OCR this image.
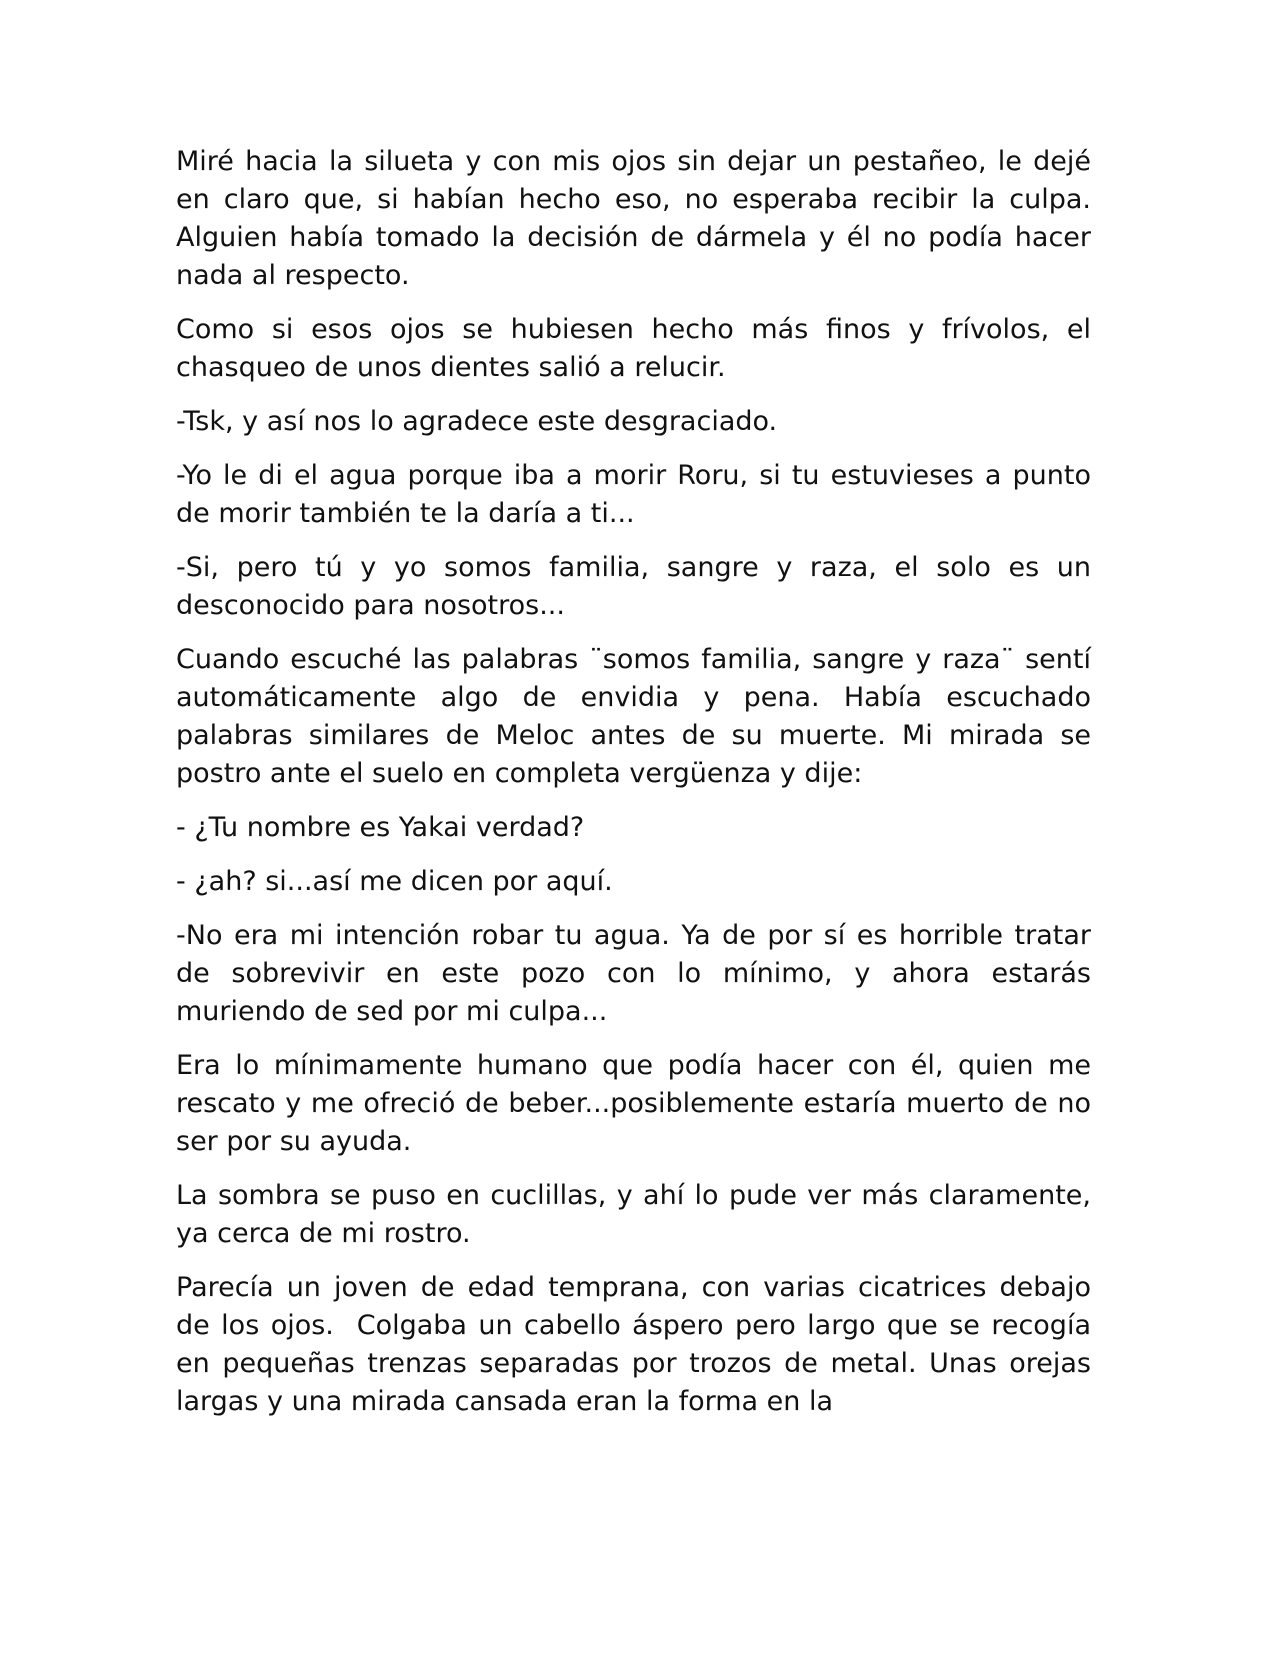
Miré hacia la silueta y con mis ojos sin dejar un pestañeo, le dejé en claro que, si habían hecho eso, no esperaba recibir la culpa. Alguien había tomado la decisión de dármela y él no podía hacer nada al respecto.

Como si esos ojos se hubiesen hecho más finos y frívolos, el chasqueo de unos dientes salió a relucir.

-Tsk, y así nos lo agradece este desgraciado.

-Yo le di el agua porque iba a morir Roru, si tu estuvieses a punto de morir también te la daría a ti...

-Si, pero tú y yo somos familia, sangre y raza, el solo es un desconocido para nosotros...

Cuando escuché las palabras ¨somos familia, sangre y raza¨ sentí automáticamente algo de envidia y pena. Había escuchado palabras similares de Meloc antes de su muerte. Mi mirada se postro ante el suelo en completa vergüenza y dije:

- ¿Tu nombre es Yakai verdad?

- ¿ah? si...así me dicen por aquí.

-No era mi intención robar tu agua. Ya de por sí es horrible tratar de sobrevivir en este pozo con lo mínimo, y ahora estarás muriendo de sed por mi culpa...

Era lo mínimamente humano que podía hacer con él, quien me rescato y me ofreció de beber...posiblemente estaría muerto de no ser por su ayuda.

La sombra se puso en cuclillas, y ahí lo pude ver más claramente, ya cerca de mi rostro.

Parecía un joven de edad temprana, con varias cicatrices debajo de los ojos.  Colgaba un cabello áspero pero largo que se recogía en pequeñas trenzas separadas por trozos de metal. Unas orejas largas y una mirada cansada eran la forma en la
